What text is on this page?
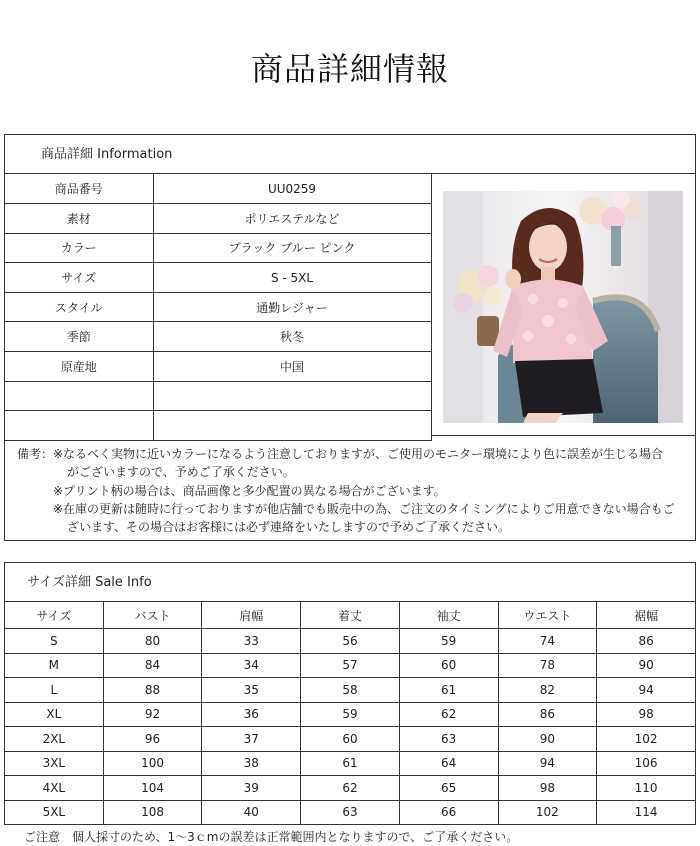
商品詳細情報
商品詳細 Information
商品番号	UU0259
素材	ポリエステルなど
カラー	ブラック ブルー ピンク
サイズ	S - 5XL
スタイル	通勤レジャー
季節	秋冬
原産地	中国

備考：※なるべく実物に近いカラーになるよう注意しておりますが、ご使用のモニター環境により色に誤差が生じる場合
がございますので、予めご了承ください。
※プリント柄の場合は、商品画像と多少配置の異なる場合がございます。
※在庫の更新は随時に行っておりますが他店舗でも販売中の為、ご注文のタイミングによりご用意できない場合もご
ざいます、その場合はお客様には必ず連絡をいたしますので予めご了承ください。
サイズ詳細 Sale Info
サイズ	バスト	肩幅	着丈	袖丈	ウエスト	裾幅
S	80	33	56	59	74	86
M	84	34	57	60	78	90
L	88	35	58	61	82	94
XL	92	36	59	62	86	98
2XL	96	37	60	63	90	102
3XL	100	38	61	64	94	106
4XL	104	39	62	65	98	110
5XL	108	40	63	66	102	114
ご注意　個人採寸のため、1～3ｃmの誤差は正常範囲内となりますので、ご了承ください。
